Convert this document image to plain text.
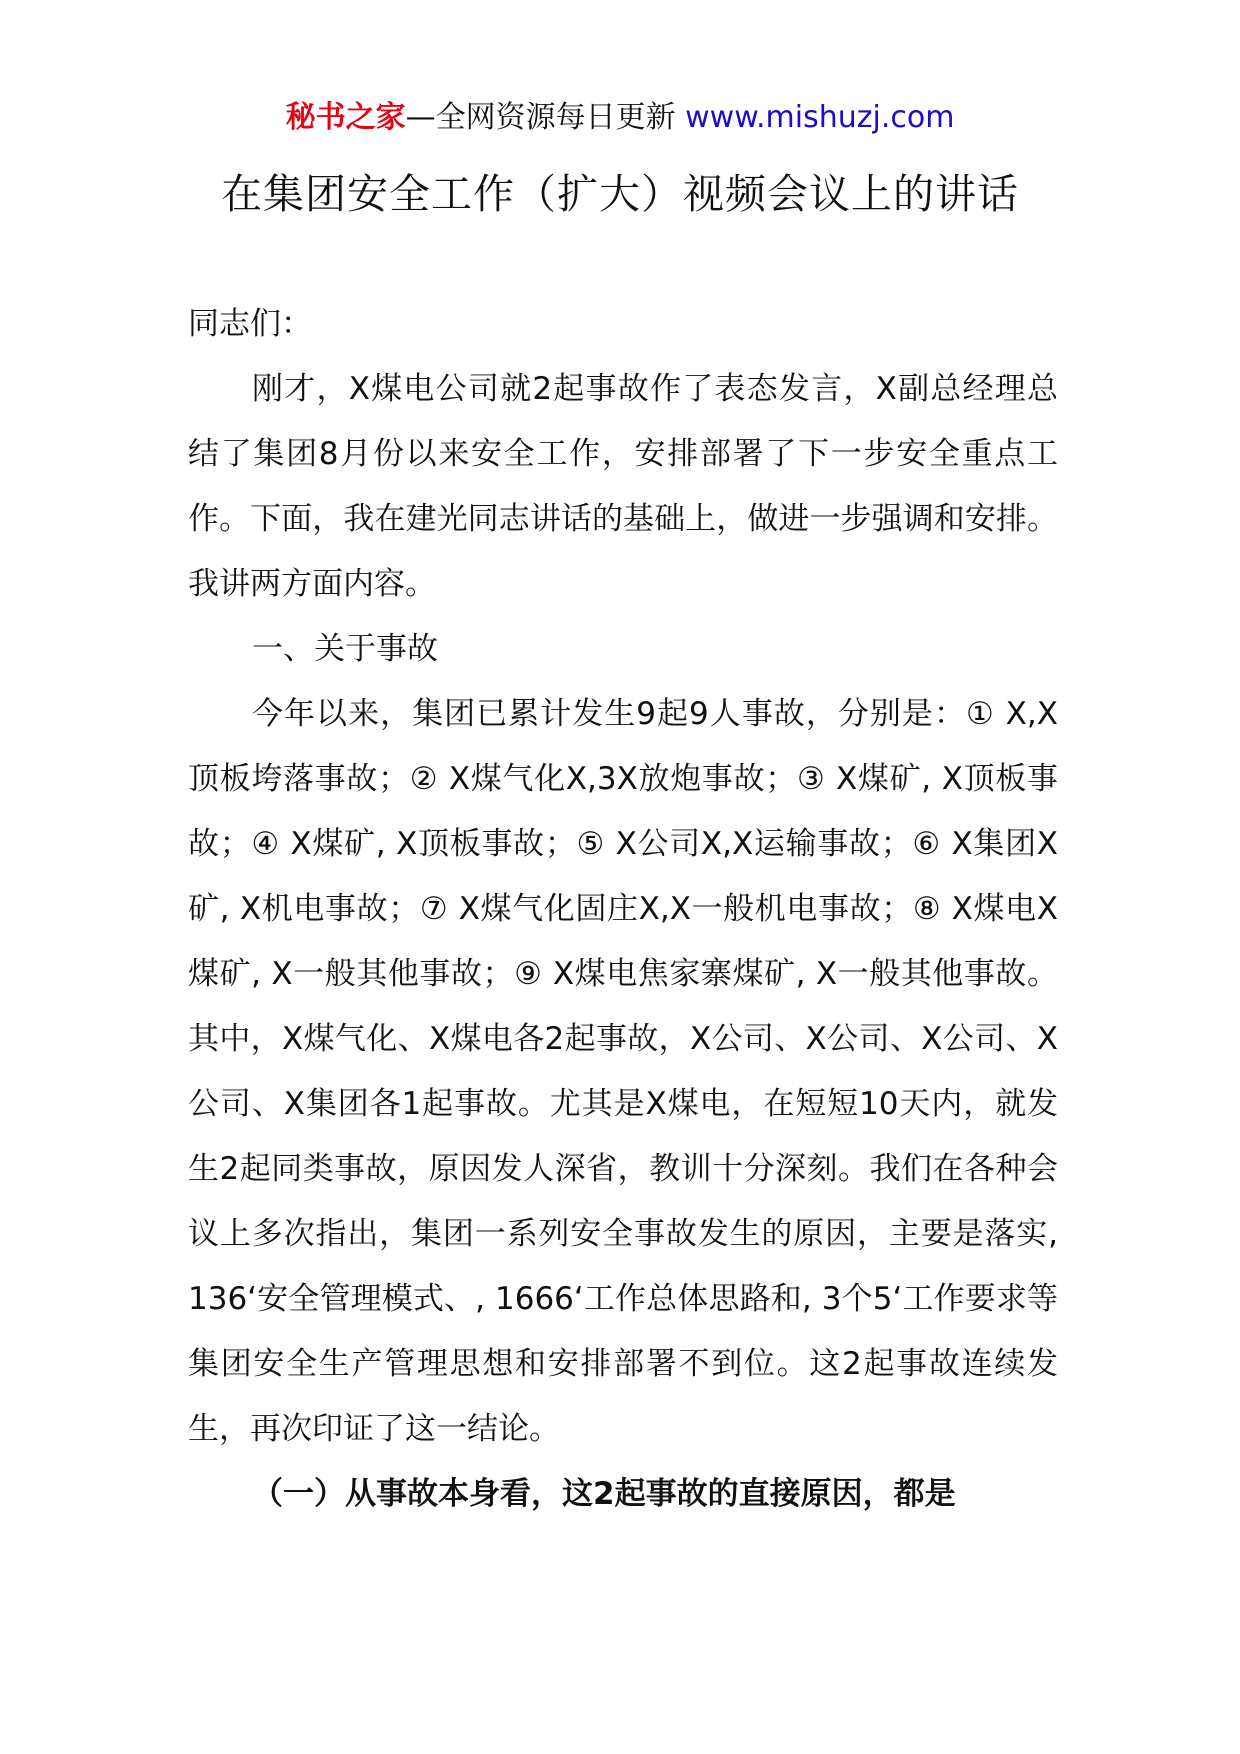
秘书之家—全网资源每日更新 www.mishuzj.com
在集团安全工作（扩大）视频会议上的讲话

同志们：

刚才，X煤电公司就2起事故作了表态发言，X副总经理总结了集团8月份以来安全工作，安排部署了下一步安全重点工作。下面，我在建光同志讲话的基础上，做进一步强调和安排。我讲两方面内容。

一、关于事故

今年以来，集团已累计发生9起9人事故，分别是：① X,X顶板垮落事故；② X煤气化X,3X放炮事故；③ X煤矿, X顶板事故；④ X煤矿, X顶板事故；⑤ X公司X,X运输事故；⑥ X集团X矿, X机电事故；⑦ X煤气化固庄X,X一般机电事故；⑧ X煤电X煤矿, X一般其他事故；⑨ X煤电焦家寨煤矿, X一般其他事故。其中，X煤气化、X煤电各2起事故，X公司、X公司、X公司、X公司、X集团各1起事故。尤其是X煤电，在短短10天内，就发生2起同类事故，原因发人深省，教训十分深刻。我们在各种会议上多次指出，集团一系列安全事故发生的原因，主要是落实, 136‘安全管理模式、, 1666‘工作总体思路和, 3个5‘工作要求等集团安全生产管理思想和安排部署不到位。这2起事故连续发生，再次印证了这一结论。

（一）从事故本身看，这2起事故的直接原因，都是
